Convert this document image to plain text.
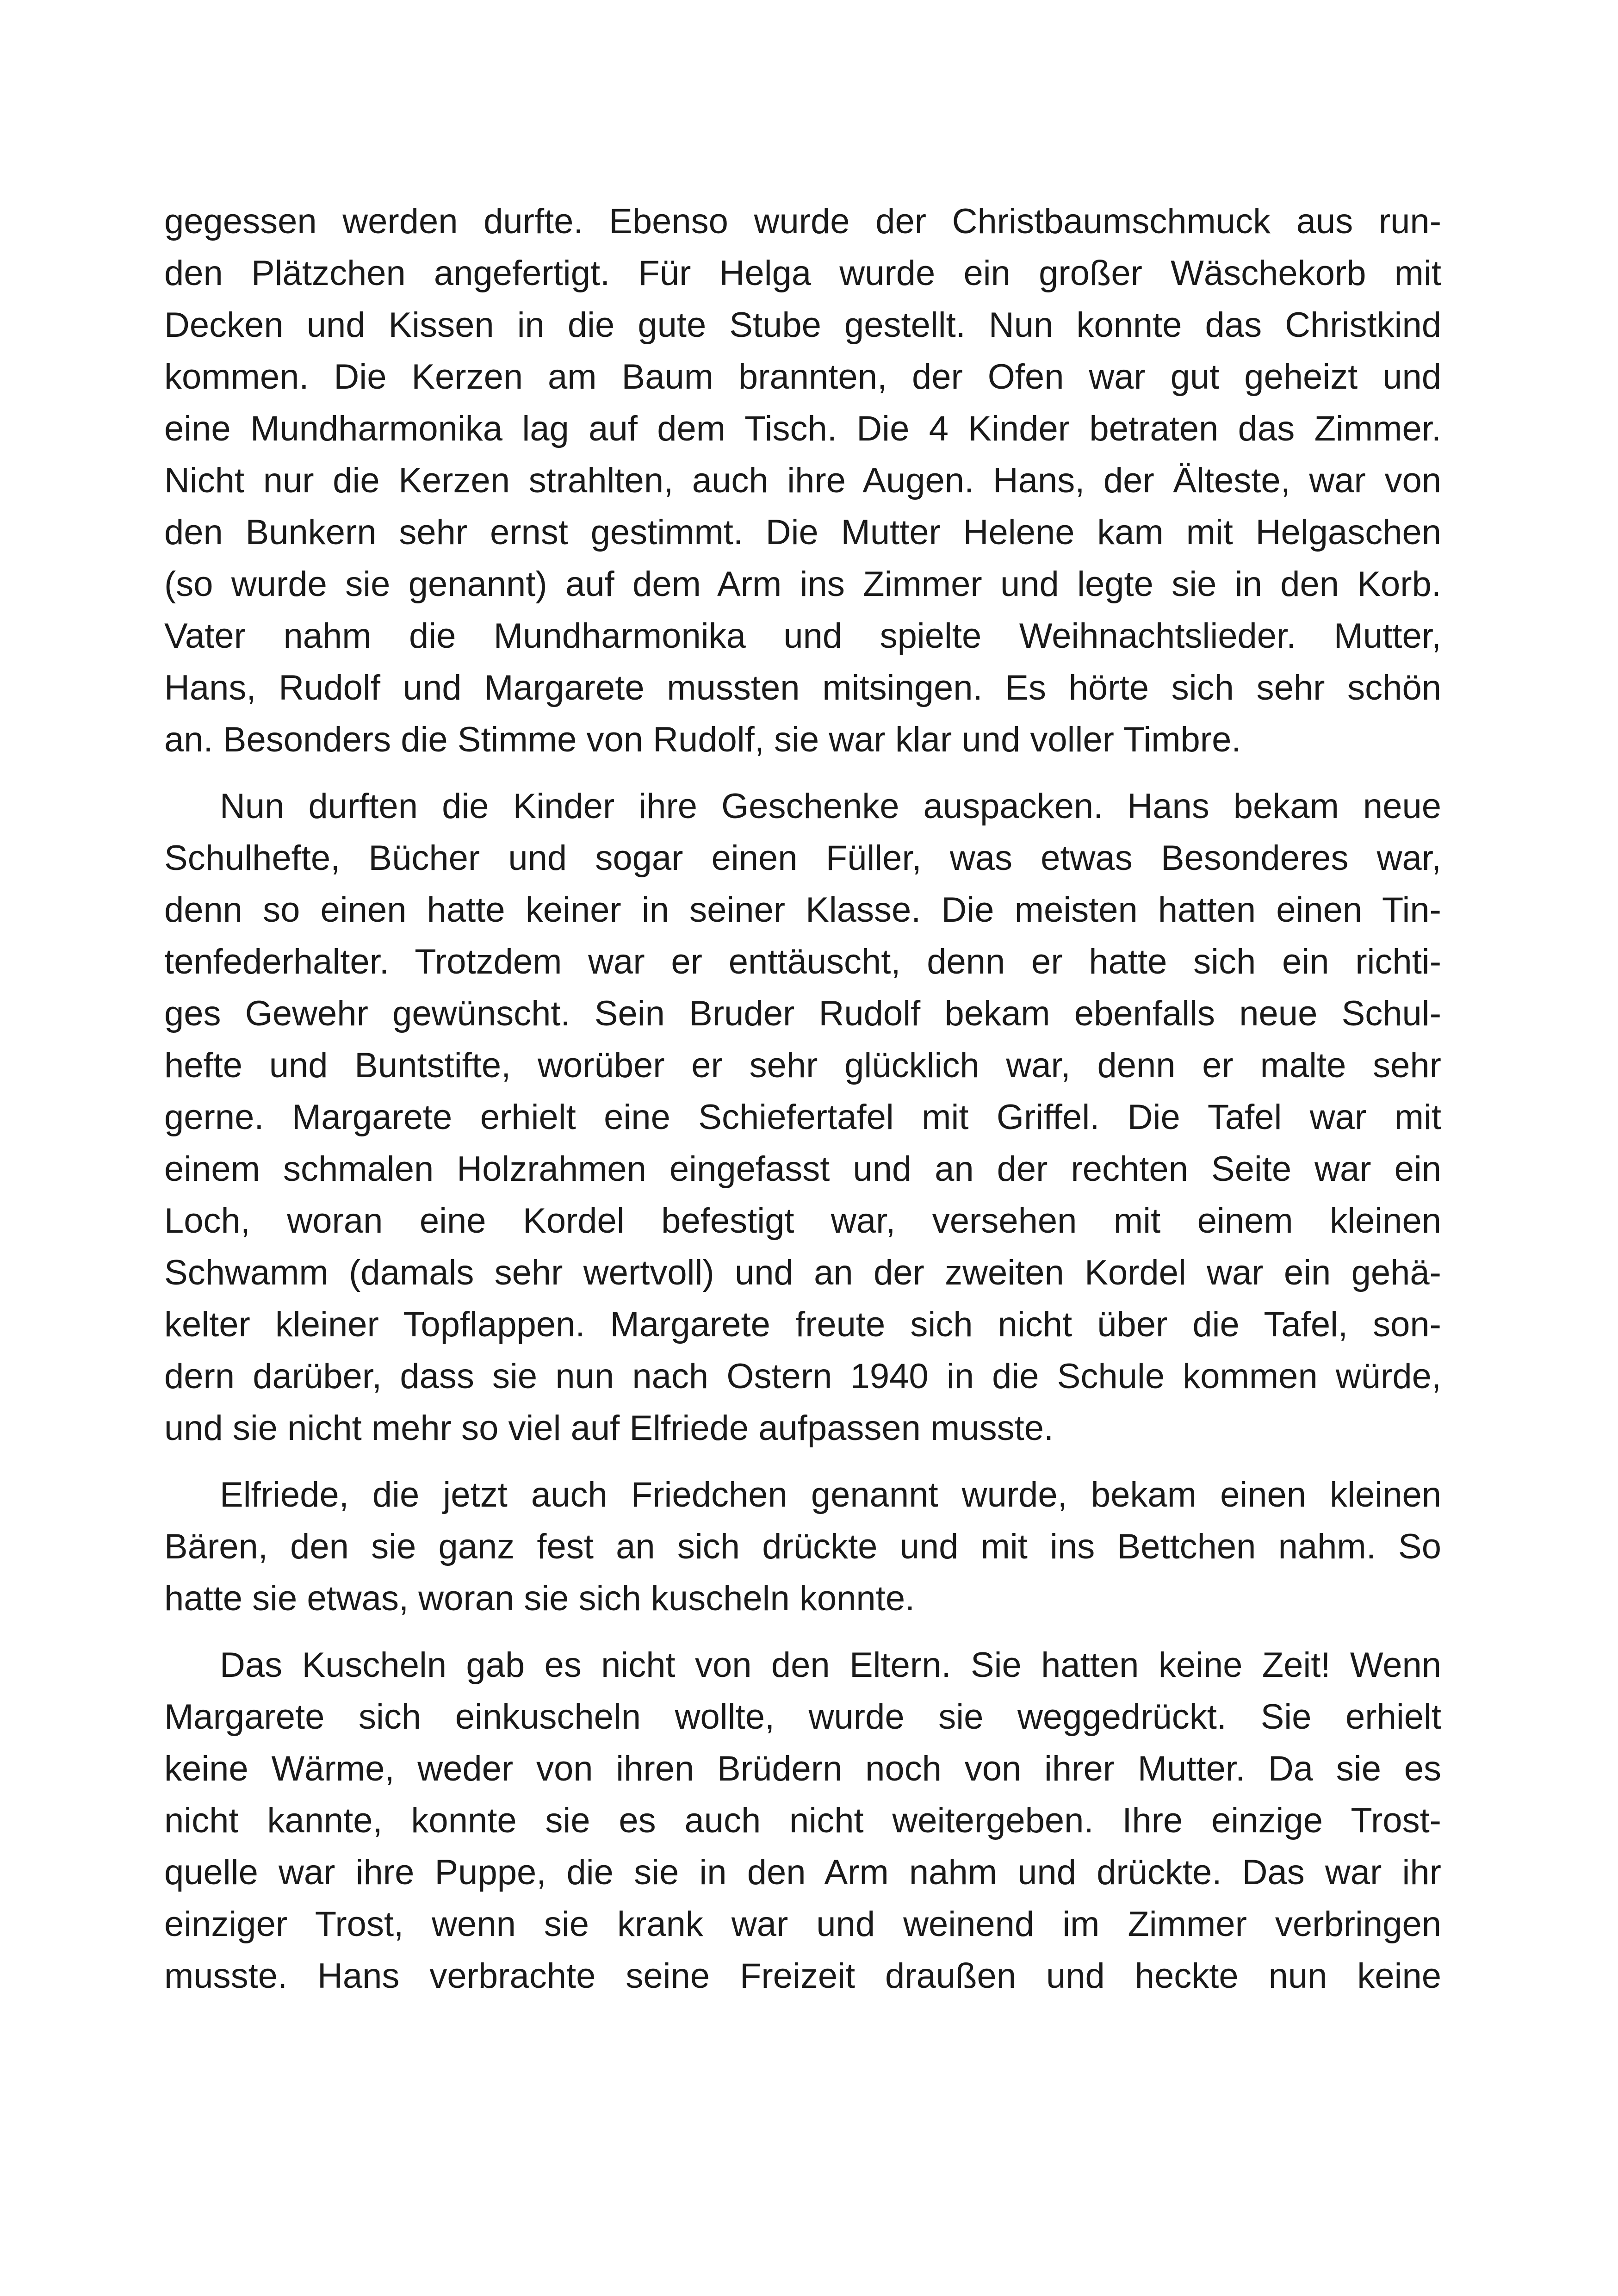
gegessen werden durfte. Ebenso wurde der Christbaumschmuck aus run-
den Plätzchen angefertigt. Für Helga wurde ein großer Wäschekorb mit
Decken und Kissen in die gute Stube gestellt. Nun konnte das Christkind
kommen. Die Kerzen am Baum brannten, der Ofen war gut geheizt und
eine Mundharmonika lag auf dem Tisch. Die 4 Kinder betraten das Zimmer.
Nicht nur die Kerzen strahlten, auch ihre Augen. Hans, der Älteste, war von
den Bunkern sehr ernst gestimmt. Die Mutter Helene kam mit Helgaschen
(so wurde sie genannt) auf dem Arm ins Zimmer und legte sie in den Korb.
Vater nahm die Mundharmonika und spielte Weihnachtslieder. Mutter,
Hans, Rudolf und Margarete mussten mitsingen. Es hörte sich sehr schön
an. Besonders die Stimme von Rudolf, sie war klar und voller Timbre.
Nun durften die Kinder ihre Geschenke auspacken. Hans bekam neue
Schulhefte, Bücher und sogar einen Füller, was etwas Besonderes war,
denn so einen hatte keiner in seiner Klasse. Die meisten hatten einen Tin-
tenfederhalter. Trotzdem war er enttäuscht, denn er hatte sich ein richti-
ges Gewehr gewünscht. Sein Bruder Rudolf bekam ebenfalls neue Schul-
hefte und Buntstifte, worüber er sehr glücklich war, denn er malte sehr
gerne. Margarete erhielt eine Schiefertafel mit Griffel. Die Tafel war mit
einem schmalen Holzrahmen eingefasst und an der rechten Seite war ein
Loch, woran eine Kordel befestigt war, versehen mit einem kleinen
Schwamm (damals sehr wertvoll) und an der zweiten Kordel war ein gehä-
kelter kleiner Topflappen. Margarete freute sich nicht über die Tafel, son-
dern darüber, dass sie nun nach Ostern 1940 in die Schule kommen würde,
und sie nicht mehr so viel auf Elfriede aufpassen musste.
Elfriede, die jetzt auch Friedchen genannt wurde, bekam einen kleinen
Bären, den sie ganz fest an sich drückte und mit ins Bettchen nahm. So
hatte sie etwas, woran sie sich kuscheln konnte.
Das Kuscheln gab es nicht von den Eltern. Sie hatten keine Zeit! Wenn
Margarete sich einkuscheln wollte, wurde sie weggedrückt. Sie erhielt
keine Wärme, weder von ihren Brüdern noch von ihrer Mutter. Da sie es
nicht kannte, konnte sie es auch nicht weitergeben. Ihre einzige Trost-
quelle war ihre Puppe, die sie in den Arm nahm und drückte. Das war ihr
einziger Trost, wenn sie krank war und weinend im Zimmer verbringen
musste. Hans verbrachte seine Freizeit draußen und heckte nun keine
